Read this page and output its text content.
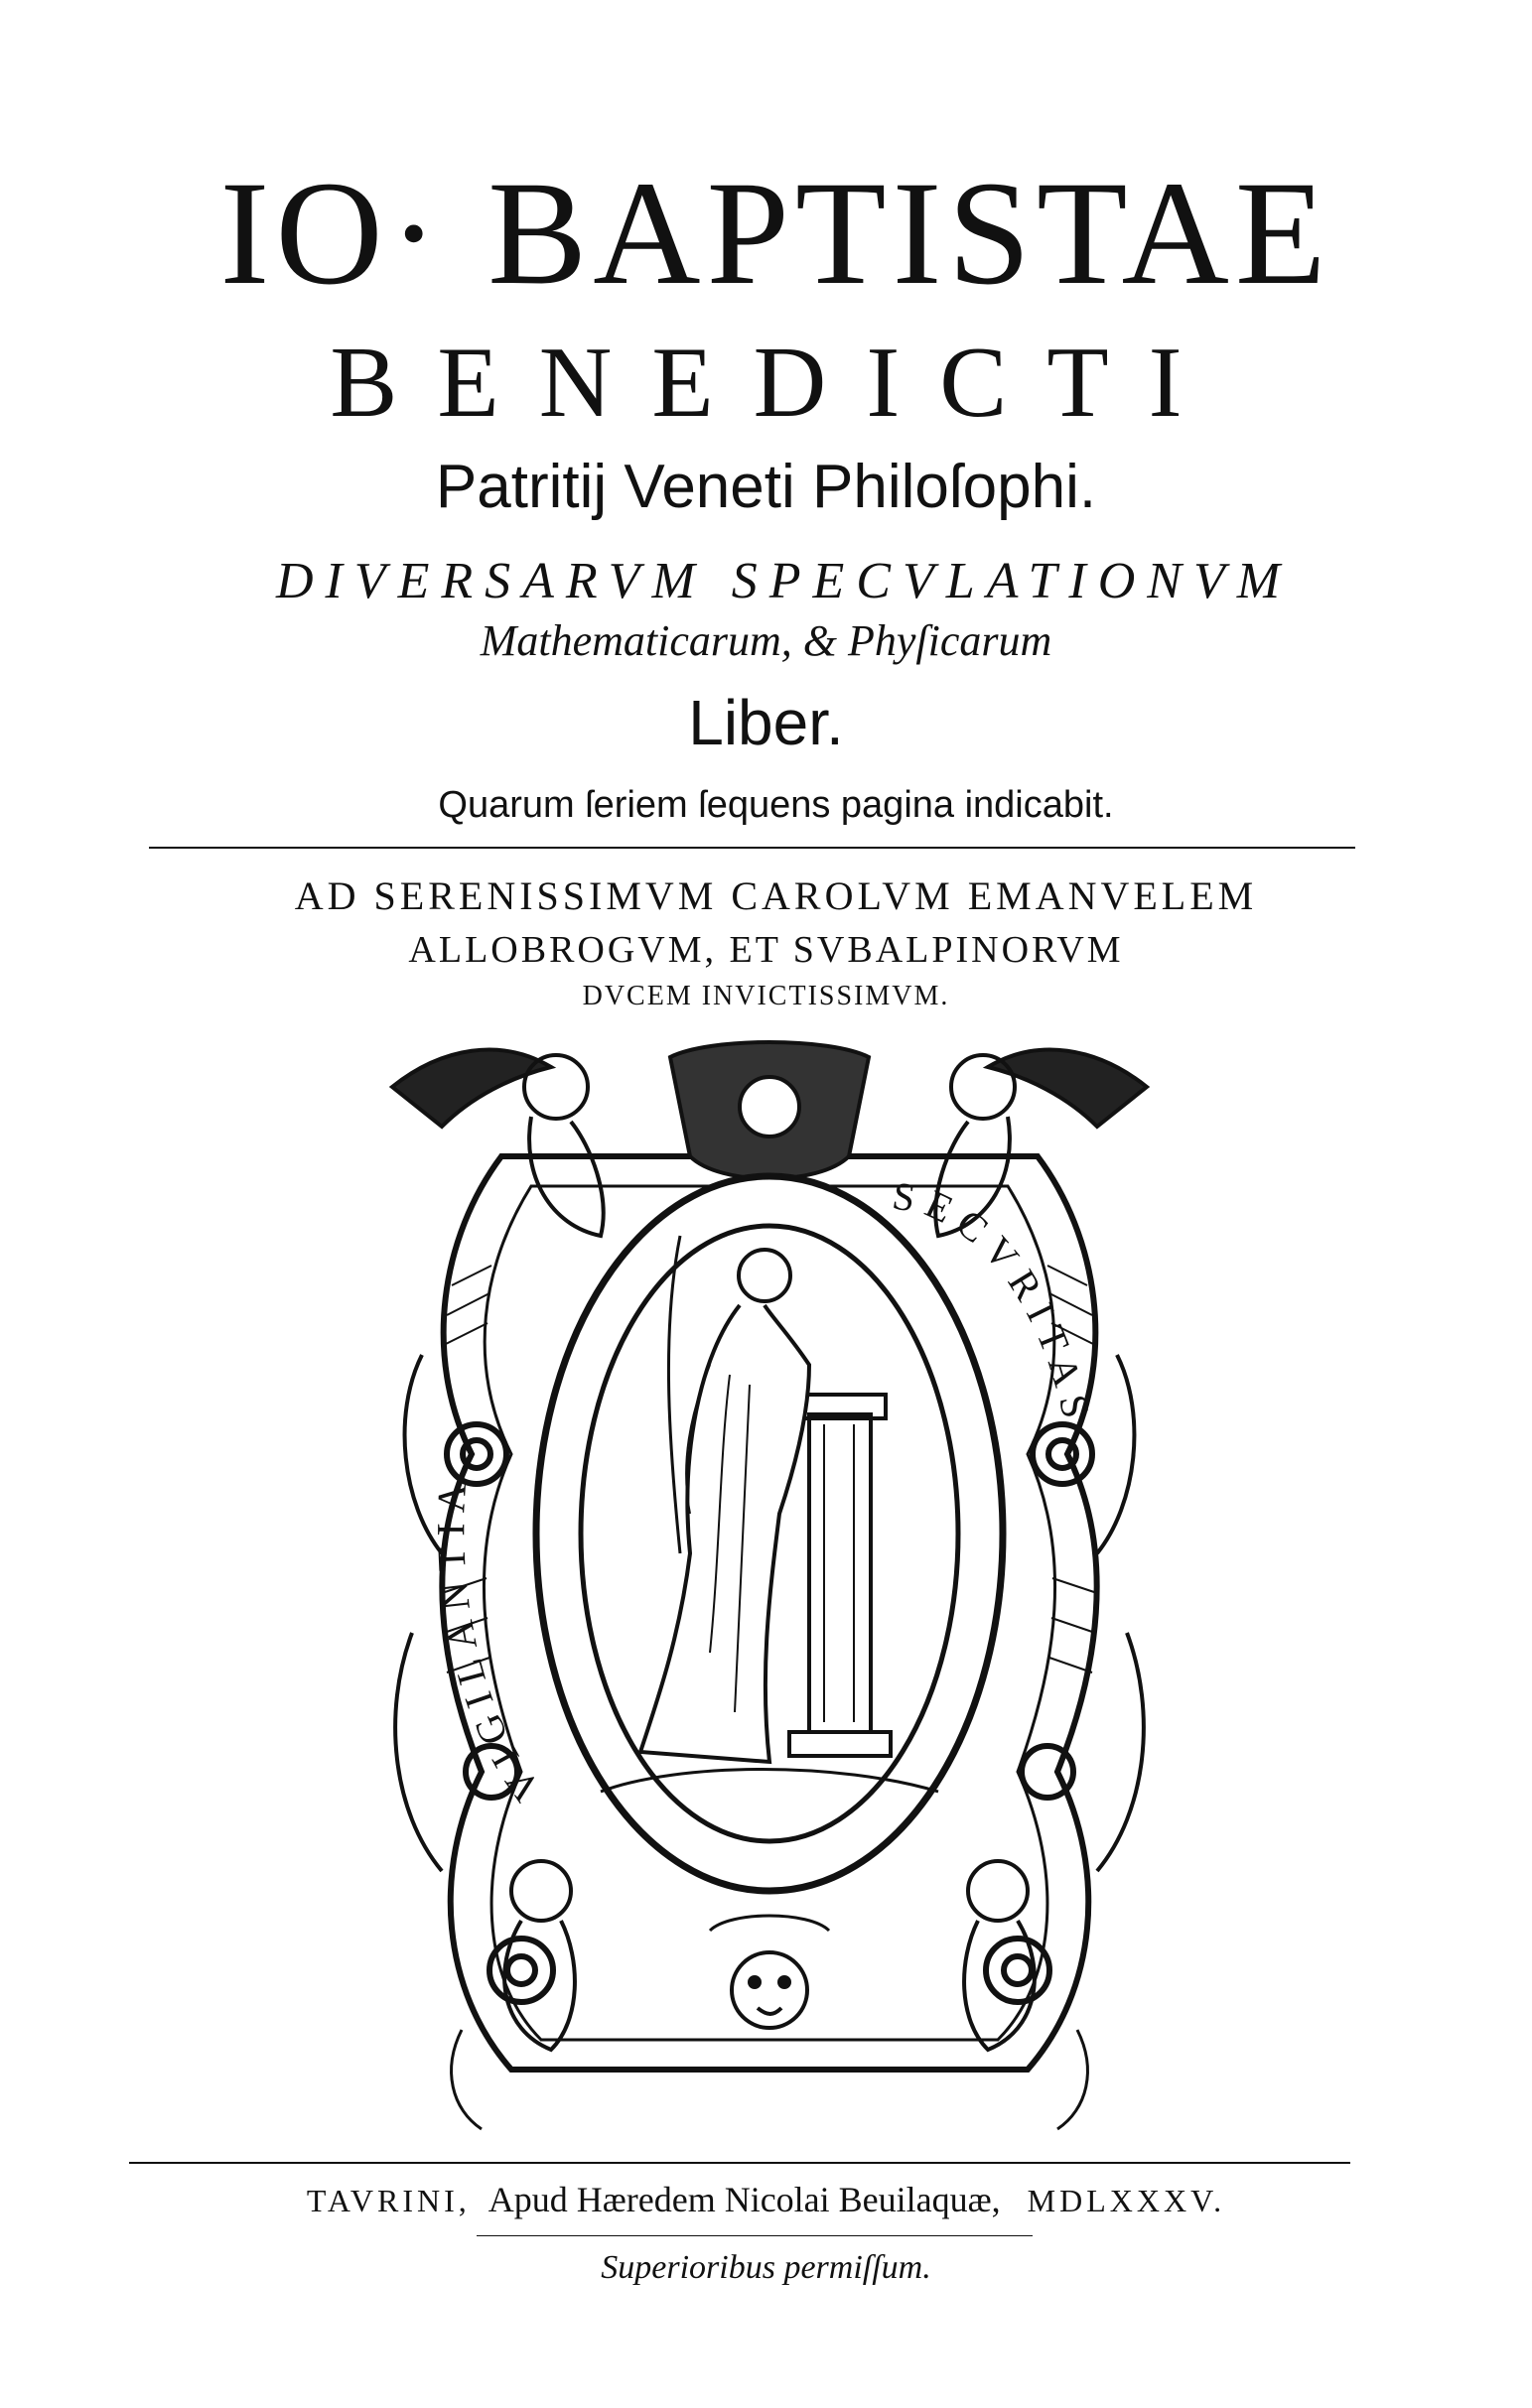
IO· BAPTISTAE
BENEDICTI
Patritij Veneti Philoſophi.
DIVERSARVM SPECVLATIONVM
Mathematicarum, & Phyſicarum
Liber.
Quarum ſeriem ſequens pagina indicabit.
AD SERENISSIMVM CAROLVM EMANVELEM
ALLOBROGVM, ET SVBALPINORVM
DVCEM INVICTISSIMVM.
VIGILANTIA
SECVRITAS
TAVRINI, Apud Hæredem Nicolai Beuilaquæ, MDLXXXV.
Superioribus permiſſum.
